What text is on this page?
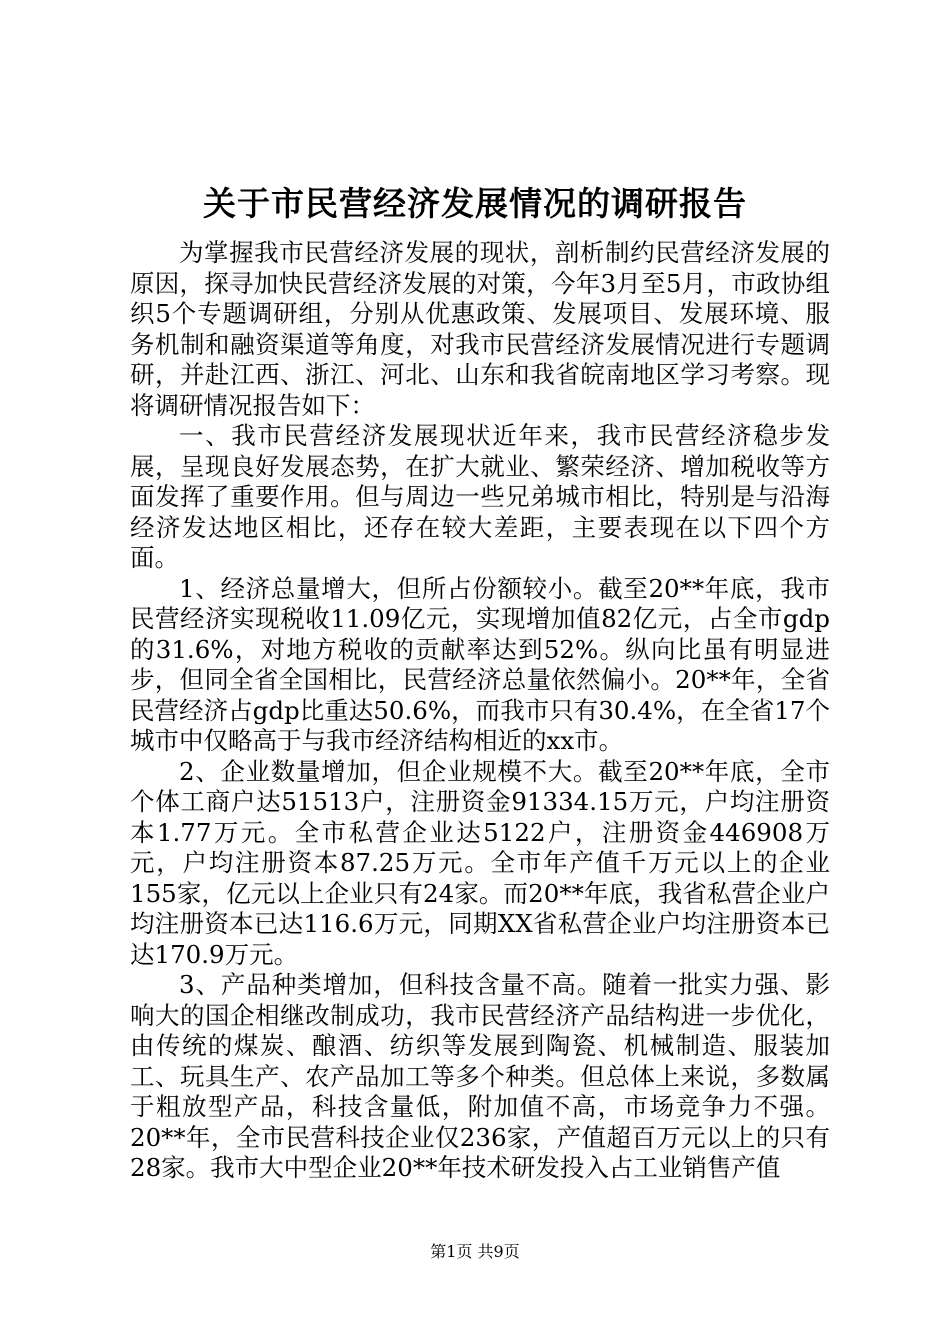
关于市民营经济发展情况的调研报告

为掌握我市民营经济发展的现状，剖析制约民营经济发展的原因，探寻加快民营经济发展的对策，今年3月至5月，市政协组织5个专题调研组，分别从优惠政策、发展项目、发展环境、服务机制和融资渠道等角度，对我市民营经济发展情况进行专题调研，并赴江西、浙江、河北、山东和我省皖南地区学习考察。现将调研情况报告如下：

一、我市民营经济发展现状近年来，我市民营经济稳步发展，呈现良好发展态势，在扩大就业、繁荣经济、增加税收等方面发挥了重要作用。但与周边一些兄弟城市相比，特别是与沿海经济发达地区相比，还存在较大差距，主要表现在以下四个方面。

1、经济总量增大，但所占份额较小。截至20**年底，我市民营经济实现税收11.09亿元，实现增加值82亿元，占全市gdp的31.6%，对地方税收的贡献率达到52%。纵向比虽有明显进步，但同全省全国相比，民营经济总量依然偏小。20**年，全省民营经济占gdp比重达50.6%，而我市只有30.4%，在全省17个城市中仅略高于与我市经济结构相近的xx市。

2、企业数量增加，但企业规模不大。截至20**年底，全市个体工商户达51513户，注册资金91334.15万元，户均注册资本1.77万元。全市私营企业达5122户，注册资金446908万元，户均注册资本87.25万元。全市年产值千万元以上的企业155家，亿元以上企业只有24家。而20**年底，我省私营企业户均注册资本已达116.6万元，同期XX省私营企业户均注册资本已达170.9万元。

3、产品种类增加，但科技含量不高。随着一批实力强、影响大的国企相继改制成功，我市民营经济产品结构进一步优化，由传统的煤炭、酿酒、纺织等发展到陶瓷、机械制造、服装加工、玩具生产、农产品加工等多个种类。但总体上来说，多数属于粗放型产品，科技含量低，附加值不高，市场竞争力不强。20**年，全市民营科技企业仅236家，产值超百万元以上的只有28家。我市大中型企业20**年技术研发投入占工业销售产值

第1页 共9页
